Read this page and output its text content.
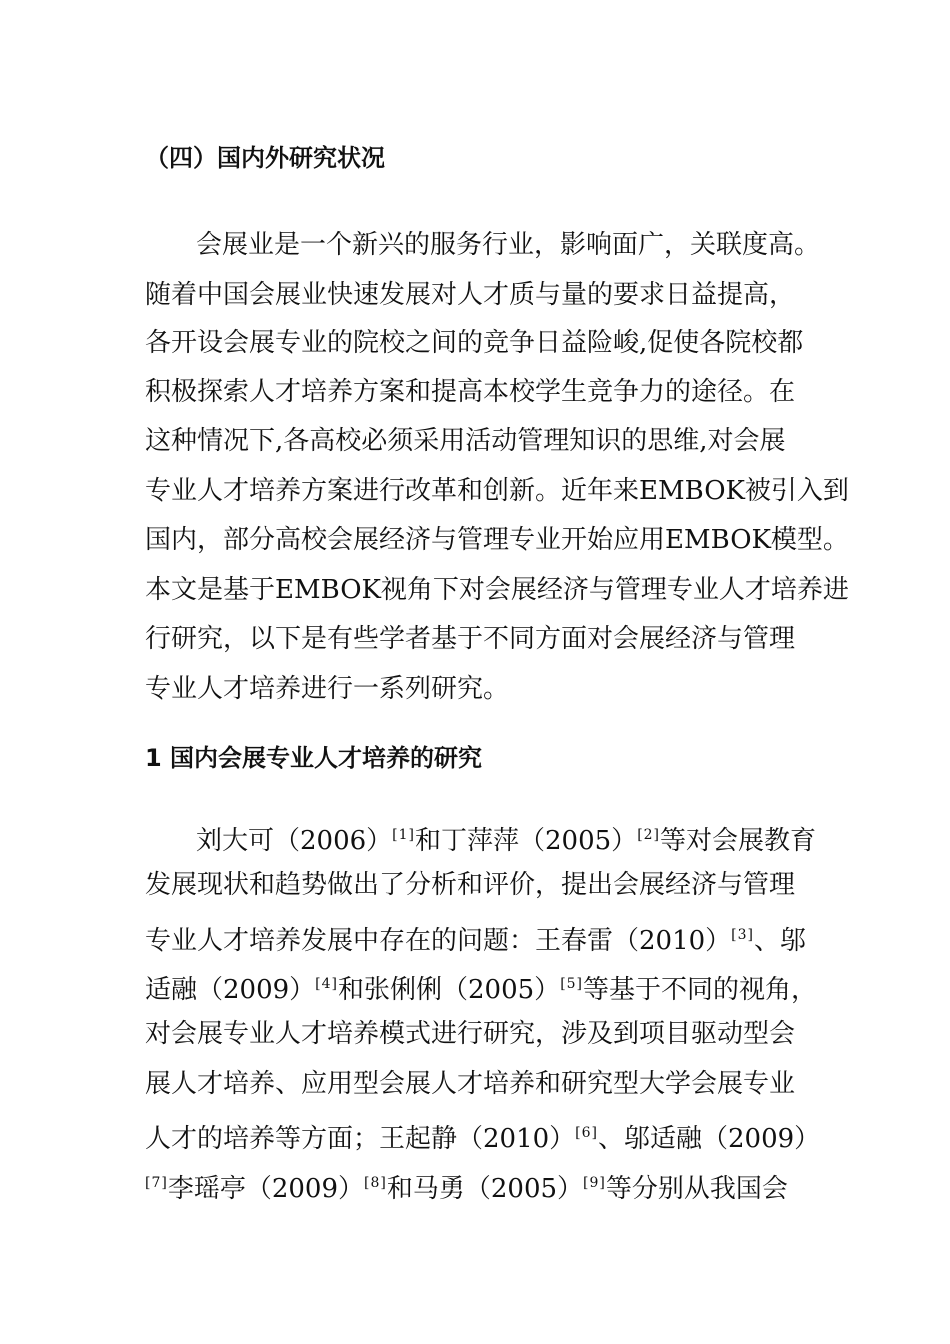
（四）国内外研究状况
会展业是一个新兴的服务行业，影响面广，关联度高。
随着中国会展业快速发展对人才质与量的要求日益提高，
各开设会展专业的院校之间的竞争日益险峻,促使各院校都
积极探索人才培养方案和提高本校学生竞争力的途径。在
这种情况下,各高校必须采用活动管理知识的思维,对会展
专业人才培养方案进行改革和创新。近年来EMBOK被引入到
国内，部分高校会展经济与管理专业开始应用EMBOK模型。
本文是基于EMBOK视角下对会展经济与管理专业人才培养进
行研究，以下是有些学者基于不同方面对会展经济与管理
专业人才培养进行一系列研究。
1 国内会展专业人才培养的研究
刘大可（2006）[1]和丁萍萍（2005）[2]等对会展教育
发展现状和趋势做出了分析和评价，提出会展经济与管理
专业人才培养发展中存在的问题：王春雷（2010）[3]、邬
适融（2009）[4]和张俐俐（2005）[5]等基于不同的视角，
对会展专业人才培养模式进行研究，涉及到项目驱动型会
展人才培养、应用型会展人才培养和研究型大学会展专业
人才的培养等方面；王起静（2010）[6]、邬适融（2009）
[7]李瑶亭（2009）[8]和马勇（2005）[9]等分别从我国会
